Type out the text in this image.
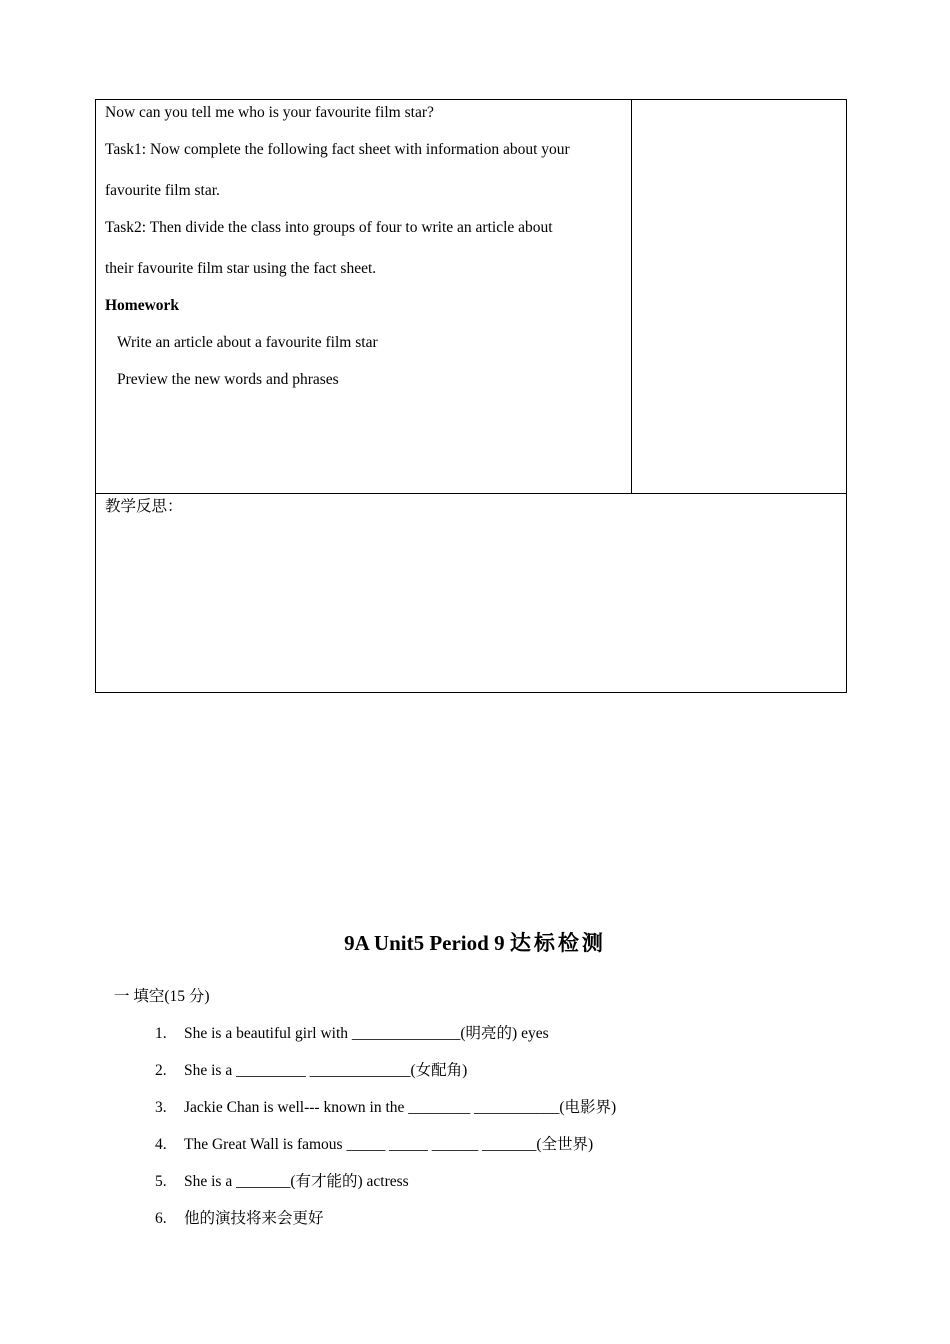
Now can you tell me who is your favourite film star?
Task1: Now complete the following fact sheet with information about your
favourite film star.
Task2: Then divide the class into groups of four to write an article about
their favourite film star using the fact sheet.
Homework
Write an article about a favourite film star
Preview the new words and phrases
教学反思：
9A Unit5 Period 9 达标检测
一 填空(15 分)
1. She is a beautiful girl with ______________(明亮的) eyes
2. She is a _________ _____________(女配角)
3. Jackie Chan is well--- known in the ________ ___________(电影界)
4. The Great Wall is famous _____ _____ ______ _______(全世界)
5. She is a _______(有才能的) actress
6. 他的演技将来会更好
